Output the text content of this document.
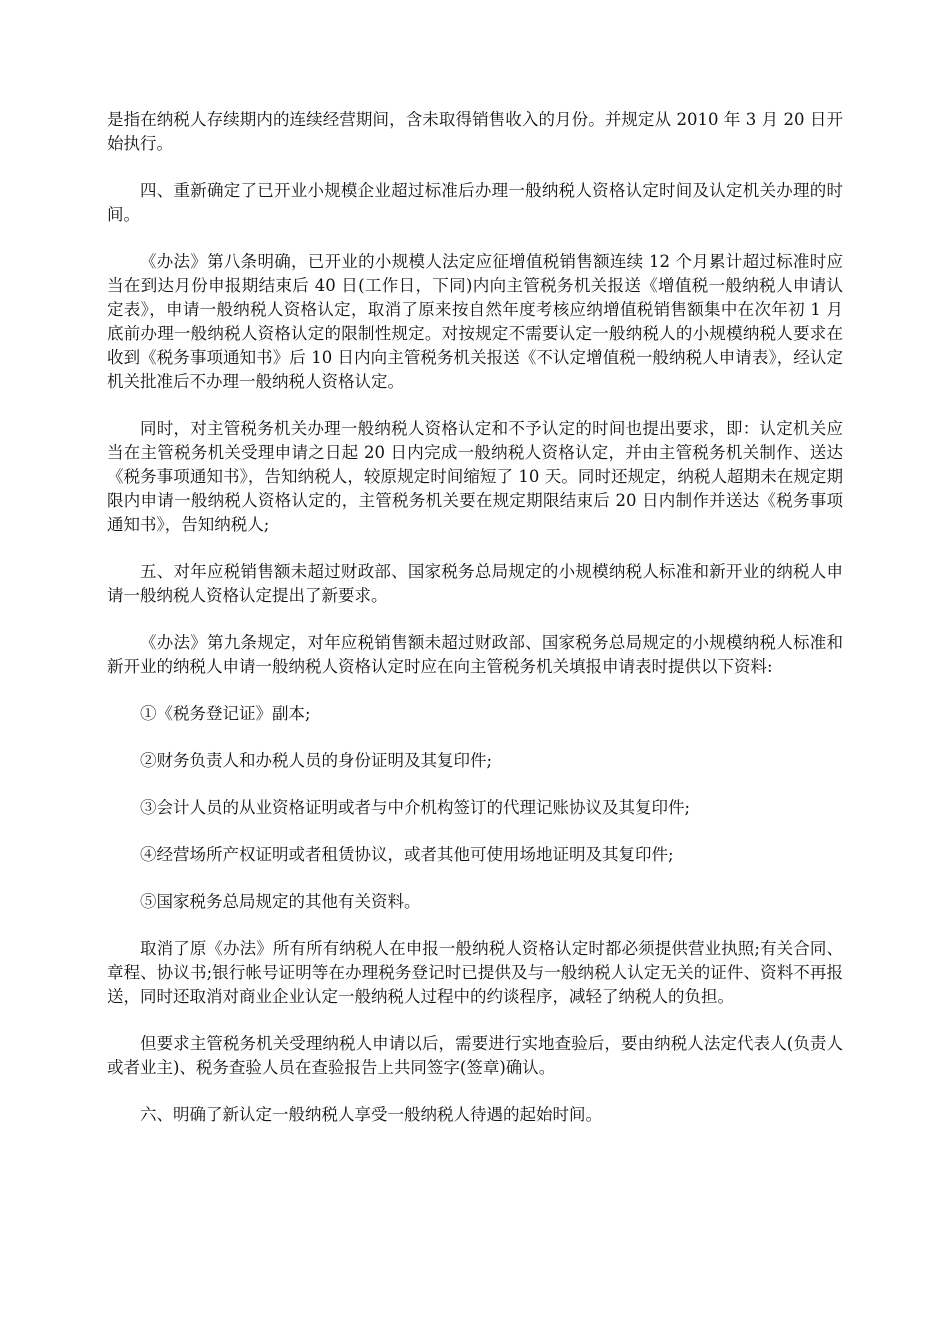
是指在纳税人存续期内的连续经营期间，含未取得销售收入的月份。并规定从 2010 年 3 月 20 日开始执行。

四、重新确定了已开业小规模企业超过标准后办理一般纳税人资格认定时间及认定机关办理的时间。

《办法》第八条明确，已开业的小规模人法定应征增值税销售额连续 12 个月累计超过标准时应当在到达月份申报期结束后 40 日(工作日，下同)内向主管税务机关报送《增值税一般纳税人申请认定表》，申请一般纳税人资格认定，取消了原来按自然年度考核应纳增值税销售额集中在次年初 1 月底前办理一般纳税人资格认定的限制性规定。对按规定不需要认定一般纳税人的小规模纳税人要求在收到《税务事项通知书》后 10 日内向主管税务机关报送《不认定增值税一般纳税人申请表》，经认定机关批准后不办理一般纳税人资格认定。

同时，对主管税务机关办理一般纳税人资格认定和不予认定的时间也提出要求，即：认定机关应当在主管税务机关受理申请之日起 20 日内完成一般纳税人资格认定，并由主管税务机关制作、送达《税务事项通知书》，告知纳税人，较原规定时间缩短了 10 天。同时还规定，纳税人超期未在规定期限内申请一般纳税人资格认定的，主管税务机关要在规定期限结束后 20 日内制作并送达《税务事项通知书》，告知纳税人;

五、对年应税销售额未超过财政部、国家税务总局规定的小规模纳税人标准和新开业的纳税人申请一般纳税人资格认定提出了新要求。

《办法》第九条规定，对年应税销售额未超过财政部、国家税务总局规定的小规模纳税人标准和新开业的纳税人申请一般纳税人资格认定时应在向主管税务机关填报申请表时提供以下资料:

①《税务登记证》副本;

②财务负责人和办税人员的身份证明及其复印件;

③会计人员的从业资格证明或者与中介机构签订的代理记账协议及其复印件;

④经营场所产权证明或者租赁协议，或者其他可使用场地证明及其复印件;

⑤国家税务总局规定的其他有关资料。

取消了原《办法》所有所有纳税人在申报一般纳税人资格认定时都必须提供营业执照;有关合同、章程、协议书;银行帐号证明等在办理税务登记时已提供及与一般纳税人认定无关的证件、资料不再报送，同时还取消对商业企业认定一般纳税人过程中的约谈程序，减轻了纳税人的负担。

但要求主管税务机关受理纳税人申请以后，需要进行实地查验后，要由纳税人法定代表人(负责人或者业主)、税务查验人员在查验报告上共同签字(签章)确认。

六、明确了新认定一般纳税人享受一般纳税人待遇的起始时间。
